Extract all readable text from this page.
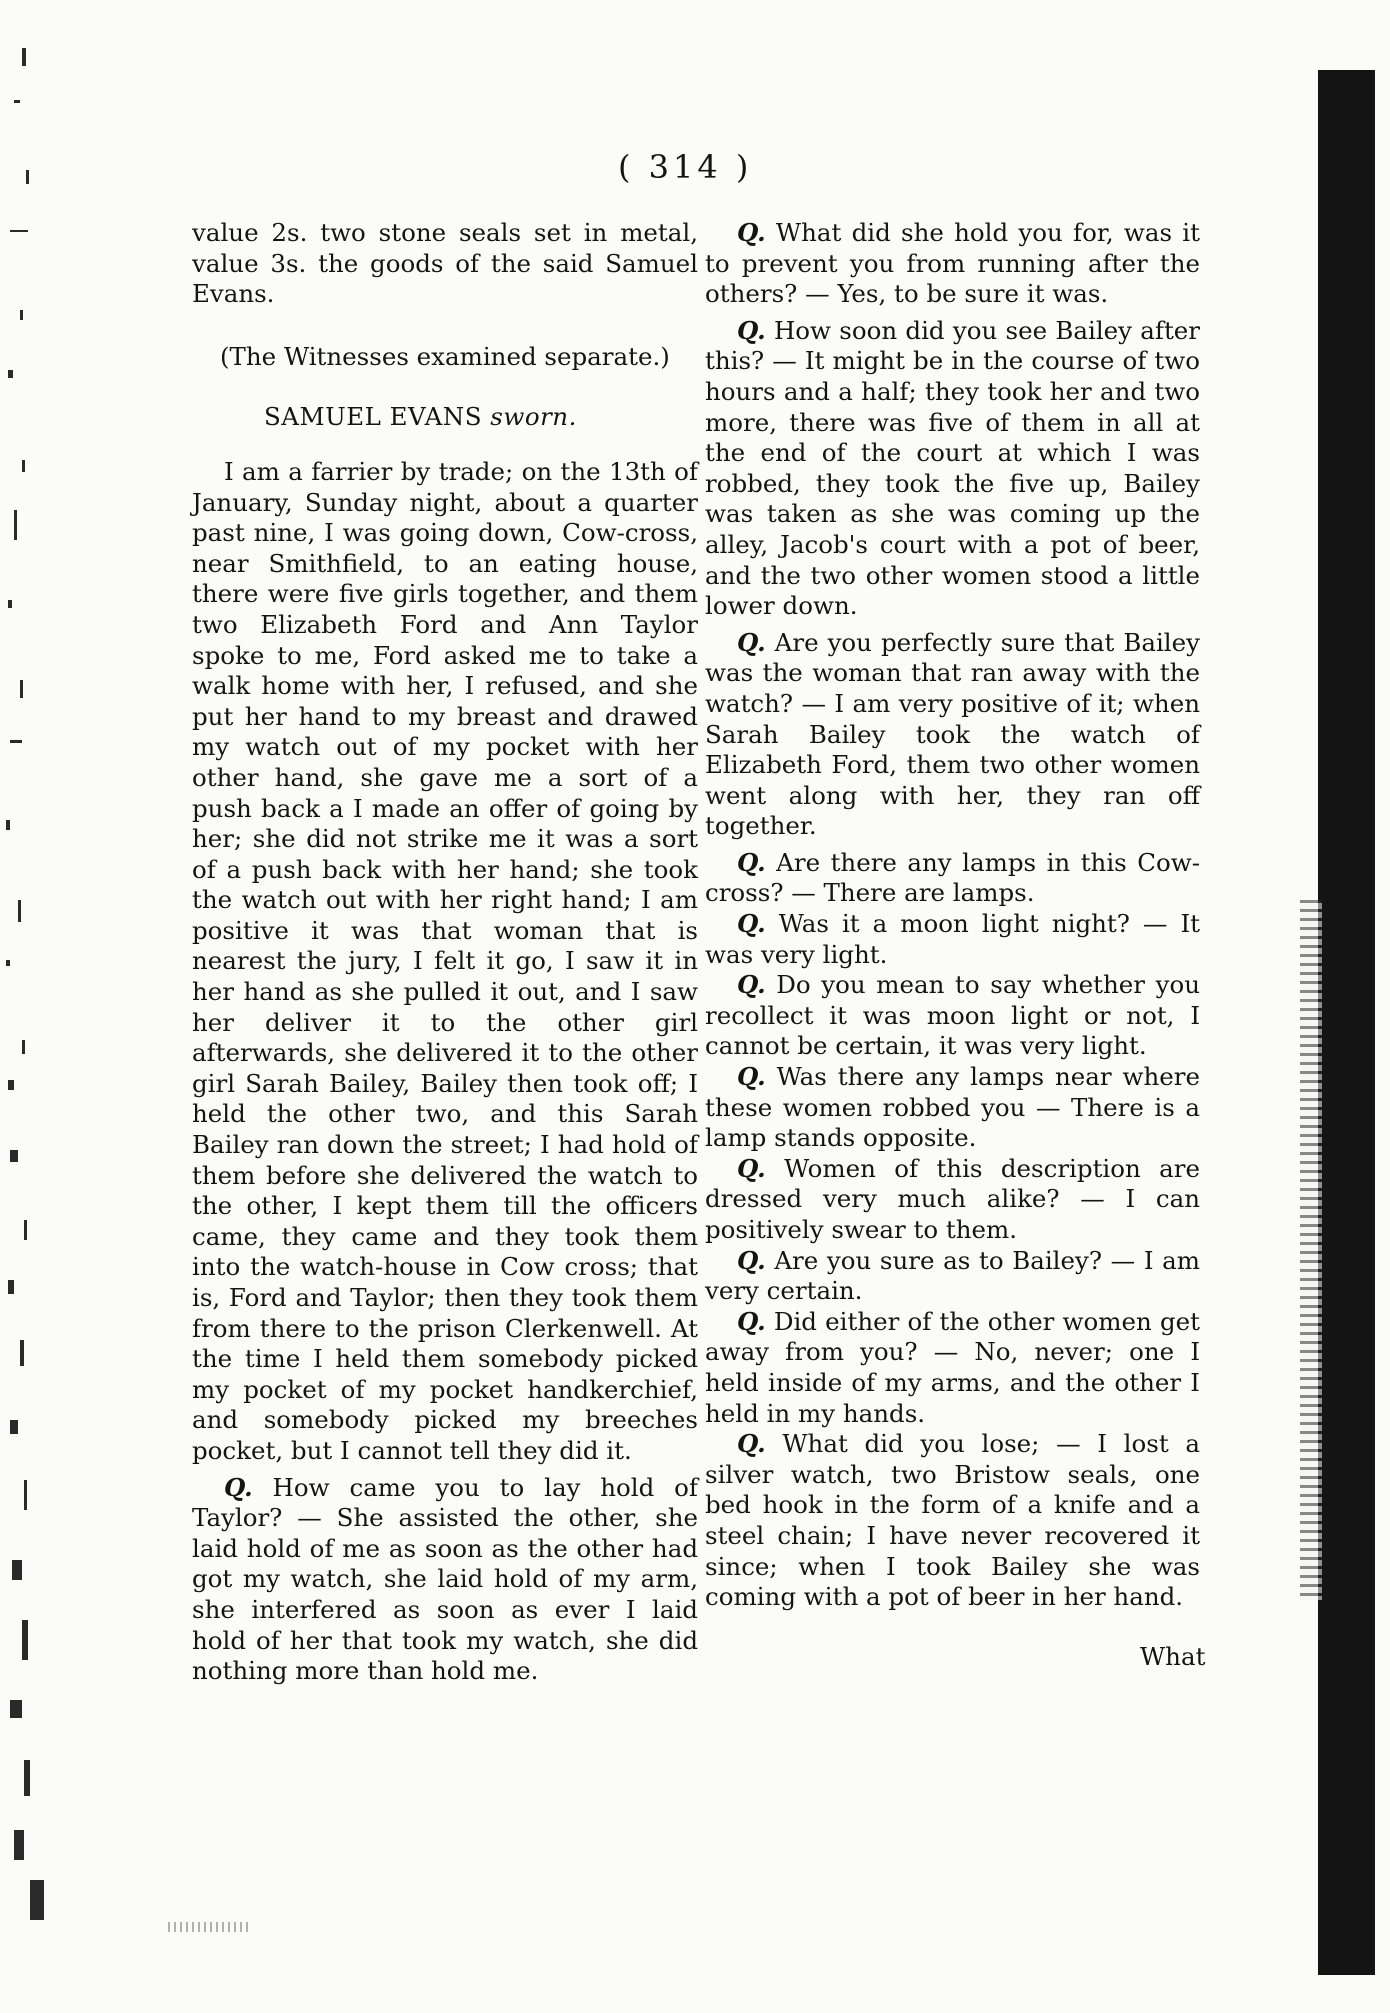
( 314 )

value 2s. two stone seals set in metal, value 3s. the goods of the said Samuel Evans.

(The Witnesses examined separate.)

SAMUEL EVANS sworn.

I am a farrier by trade; on the 13th of January, Sunday night, about a quarter past nine, I was going down, Cow-cross, near Smithfield, to an eating house, there were five girls together, and them two Elizabeth Ford and Ann Taylor spoke to me, Ford asked me to take a walk home with her, I refused, and she put her hand to my breast and drawed my watch out of my pocket with her other hand, she gave me a sort of a push back a I made an offer of going by her; she did not strike me it was a sort of a push back with her hand; she took the watch out with her right hand; I am positive it was that woman that is nearest the jury, I felt it go, I saw it in her hand as she pulled it out, and I saw her deliver it to the other girl afterwards, she delivered it to the other girl Sarah Bailey, Bailey then took off; I held the other two, and this Sarah Bailey ran down the street; I had hold of them before she delivered the watch to the other, I kept them till the officers came, they came and they took them into the watch-house in Cow cross; that is, Ford and Taylor; then they took them from there to the prison Clerkenwell. At the time I held them somebody picked my pocket of my pocket handkerchief, and somebody picked my breeches pocket, but I cannot tell they did it.

Q. How came you to lay hold of Taylor? — She assisted the other, she laid hold of me as soon as the other had got my watch, she laid hold of my arm, she interfered as soon as ever I laid hold of her that took my watch, she did nothing more than hold me.

Q. What did she hold you for, was it to prevent you from running after the others? — Yes, to be sure it was.

Q. How soon did you see Bailey after this? — It might be in the course of two hours and a half; they took her and two more, there was five of them in all at the end of the court at which I was robbed, they took the five up, Bailey was taken as she was coming up the alley, Jacob's court with a pot of beer, and the two other women stood a little lower down.

Q. Are you perfectly sure that Bailey was the woman that ran away with the watch? — I am very positive of it; when Sarah Bailey took the watch of Elizabeth Ford, them two other women went along with her, they ran off together.

Q. Are there any lamps in this Cow-cross? — There are lamps.

Q. Was it a moon light night? — It was very light.

Q. Do you mean to say whether you recollect it was moon light or not, I cannot be certain, it was very light.

Q. Was there any lamps near where these women robbed you — There is a lamp stands opposite.

Q. Women of this description are dressed very much alike? — I can positively swear to them.

Q. Are you sure as to Bailey? — I am very certain.

Q. Did either of the other women get away from you? — No, never; one I held inside of my arms, and the other I held in my hands.

Q. What did you lose; — I lost a silver watch, two Bristow seals, one bed hook in the form of a knife and a steel chain; I have never recovered it since; when I took Bailey she was coming with a pot of beer in her hand.

What
